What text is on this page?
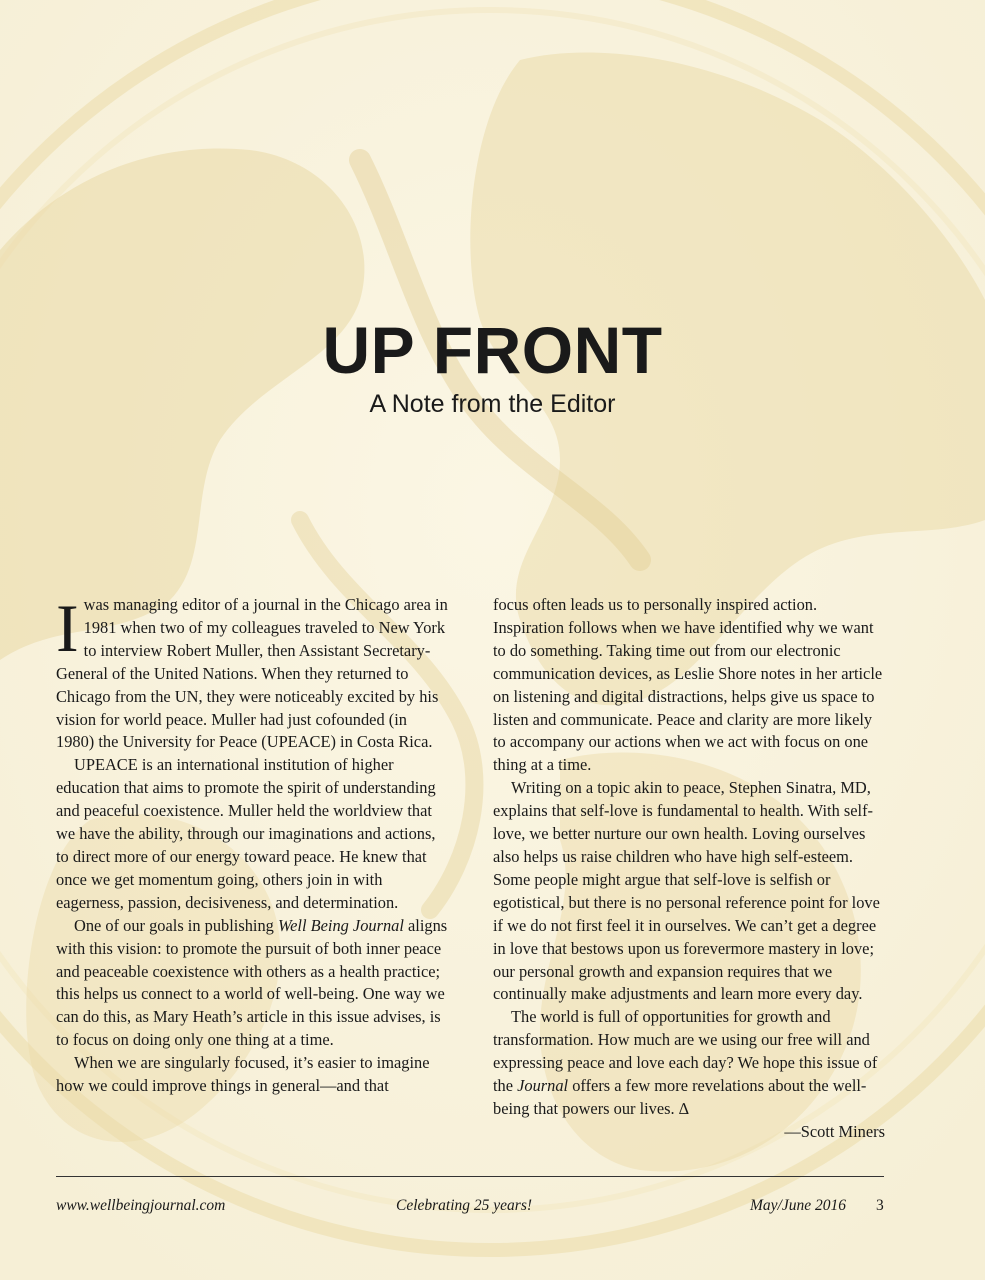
UP FRONT
A Note from the Editor

I was managing editor of a journal in the Chicago area in 1981 when two of my colleagues traveled to New York to interview Robert Muller, then Assistant Secretary-General of the United Nations. When they returned to Chicago from the UN, they were noticeably excited by his vision for world peace. Muller had just cofounded (in 1980) the University for Peace (UPEACE) in Costa Rica.

UPEACE is an international institution of higher education that aims to promote the spirit of understanding and peaceful coexistence. Muller held the worldview that we have the ability, through our imaginations and actions, to direct more of our energy toward peace. He knew that once we get momentum going, others join in with eagerness, passion, decisiveness, and determination.

One of our goals in publishing Well Being Journal aligns with this vision: to promote the pursuit of both inner peace and peaceable coexistence with others as a health practice; this helps us connect to a world of well-being. One way we can do this, as Mary Heath’s article in this issue advises, is to focus on doing only one thing at a time.

When we are singularly focused, it’s easier to imagine how we could improve things in general—and that

focus often leads us to personally inspired action. Inspiration follows when we have identified why we want to do something. Taking time out from our electronic communication devices, as Leslie Shore notes in her article on listening and digital distractions, helps give us space to listen and communicate. Peace and clarity are more likely to accompany our actions when we act with focus on one thing at a time.

Writing on a topic akin to peace, Stephen Sinatra, MD, explains that self-love is fundamental to health. With self-love, we better nurture our own health. Loving ourselves also helps us raise children who have high self-esteem. Some people might argue that self-love is selfish or egotistical, but there is no personal reference point for love if we do not first feel it in ourselves. We can’t get a degree in love that bestows upon us forevermore mastery in love; our personal growth and expansion requires that we continually make adjustments and learn more every day.

The world is full of opportunities for growth and transformation. How much are we using our free will and expressing peace and love each day? We hope this issue of the Journal offers a few more revelations about the well-being that powers our lives. ∆

—Scott Miners

www.wellbeingjournal.com	Celebrating 25 years!	May/June 2016 3
